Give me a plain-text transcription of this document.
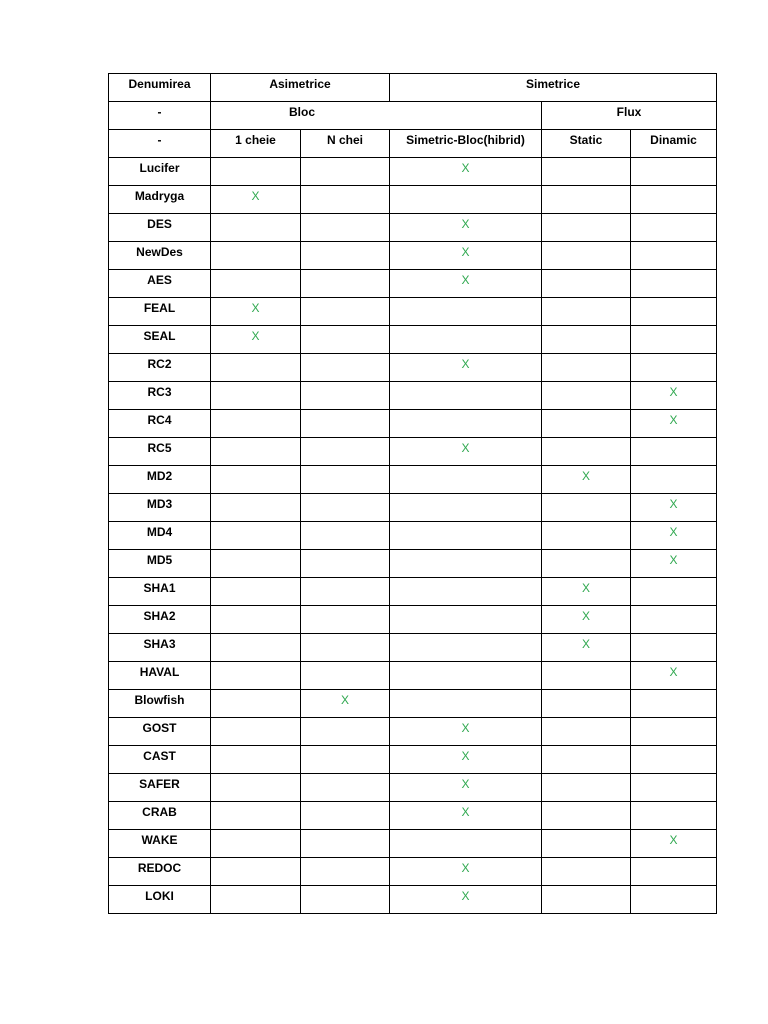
Denumirea	Asimetrice		Simetrice		
-	Bloc			Flux	
-	1 cheie	N chei	Simetric-Bloc(hibrid)	Static	Dinamic
Lucifer			X		
Madryga	X				
DES			X		
NewDes			X		
AES			X		
FEAL	X				
SEAL	X				
RC2			X		
RC3					X
RC4					X
RC5			X		
MD2				X	
MD3					X
MD4					X
MD5					X
SHA1				X	
SHA2				X	
SHA3				X	
HAVAL					X
Blowfish		X			
GOST			X		
CAST			X		
SAFER			X		
CRAB			X		
WAKE					X
REDOC			X		
LOKI			X		
